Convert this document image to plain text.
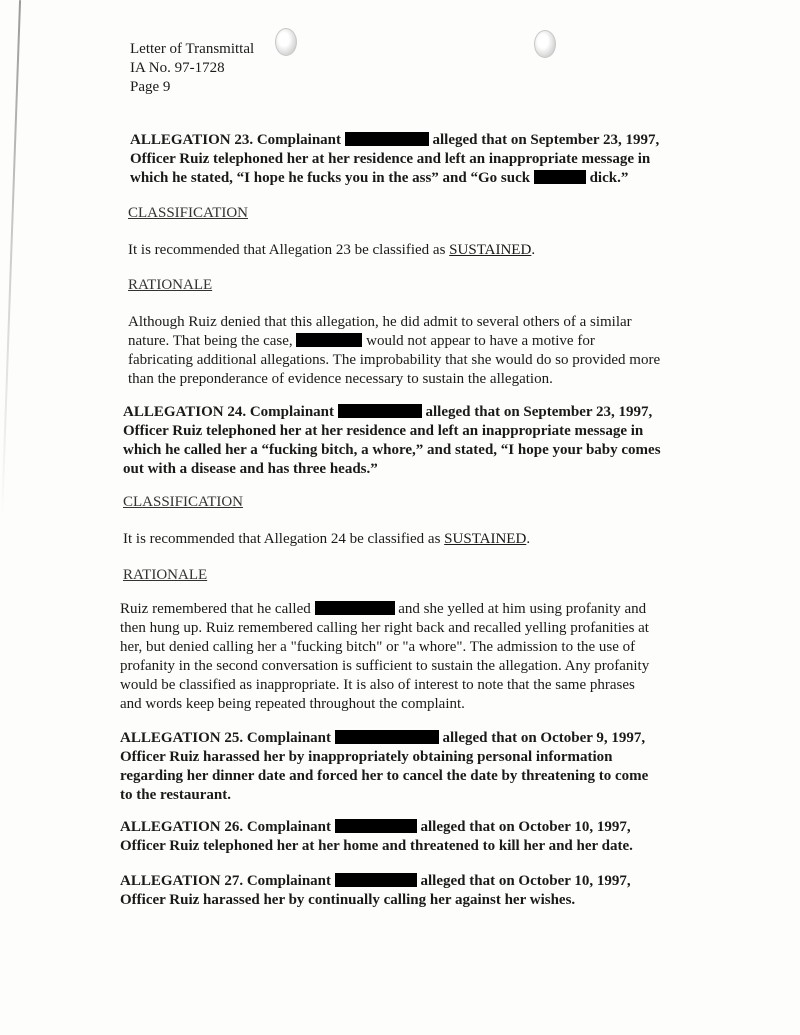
Letter of Transmittal

IA No. 97-1728

Page 9

ALLEGATION 23. Complainant	alleged that on September 23, 1997,

Officer Ruiz telephoned her at her residence and left an inappropriate message in

which he stated, “I hope he fucks you in the ass” and “Go suck	dick.”

CLASSIFICATION

It is recommended that Allegation 23 be classified as SUSTAINED.

RATIONALE

Although Ruiz denied that this allegation, he did admit to several others of a similar

nature. That being the case,	would not appear to have a motive for

fabricating additional allegations. The improbability that she would do so provided more

than the preponderance of evidence necessary to sustain the allegation.

ALLEGATION 24. Complainant	alleged that on September 23, 1997,

Officer Ruiz telephoned her at her residence and left an inappropriate message in

which he called her a “fucking bitch, a whore,” and stated, “I hope your baby comes

out with a disease and has three heads.”

CLASSIFICATION

It is recommended that Allegation 24 be classified as SUSTAINED.

RATIONALE

Ruiz remembered that he called	and she yelled at him using profanity and

then hung up. Ruiz remembered calling her right back and recalled yelling profanities at

her, but denied calling her a "fucking bitch" or "a whore". The admission to the use of

profanity in the second conversation is sufficient to sustain the allegation. Any profanity

would be classified as inappropriate. It is also of interest to note that the same phrases

and words keep being repeated throughout the complaint.

ALLEGATION 25. Complainant	alleged that on October 9, 1997,

Officer Ruiz harassed her by inappropriately obtaining personal information

regarding her dinner date and forced her to cancel the date by threatening to come

to the restaurant.

ALLEGATION 26. Complainant	alleged that on October 10, 1997,

Officer Ruiz telephoned her at her home and threatened to kill her and her date.

ALLEGATION 27. Complainant	alleged that on October 10, 1997,

Officer Ruiz harassed her by continually calling her against her wishes.
